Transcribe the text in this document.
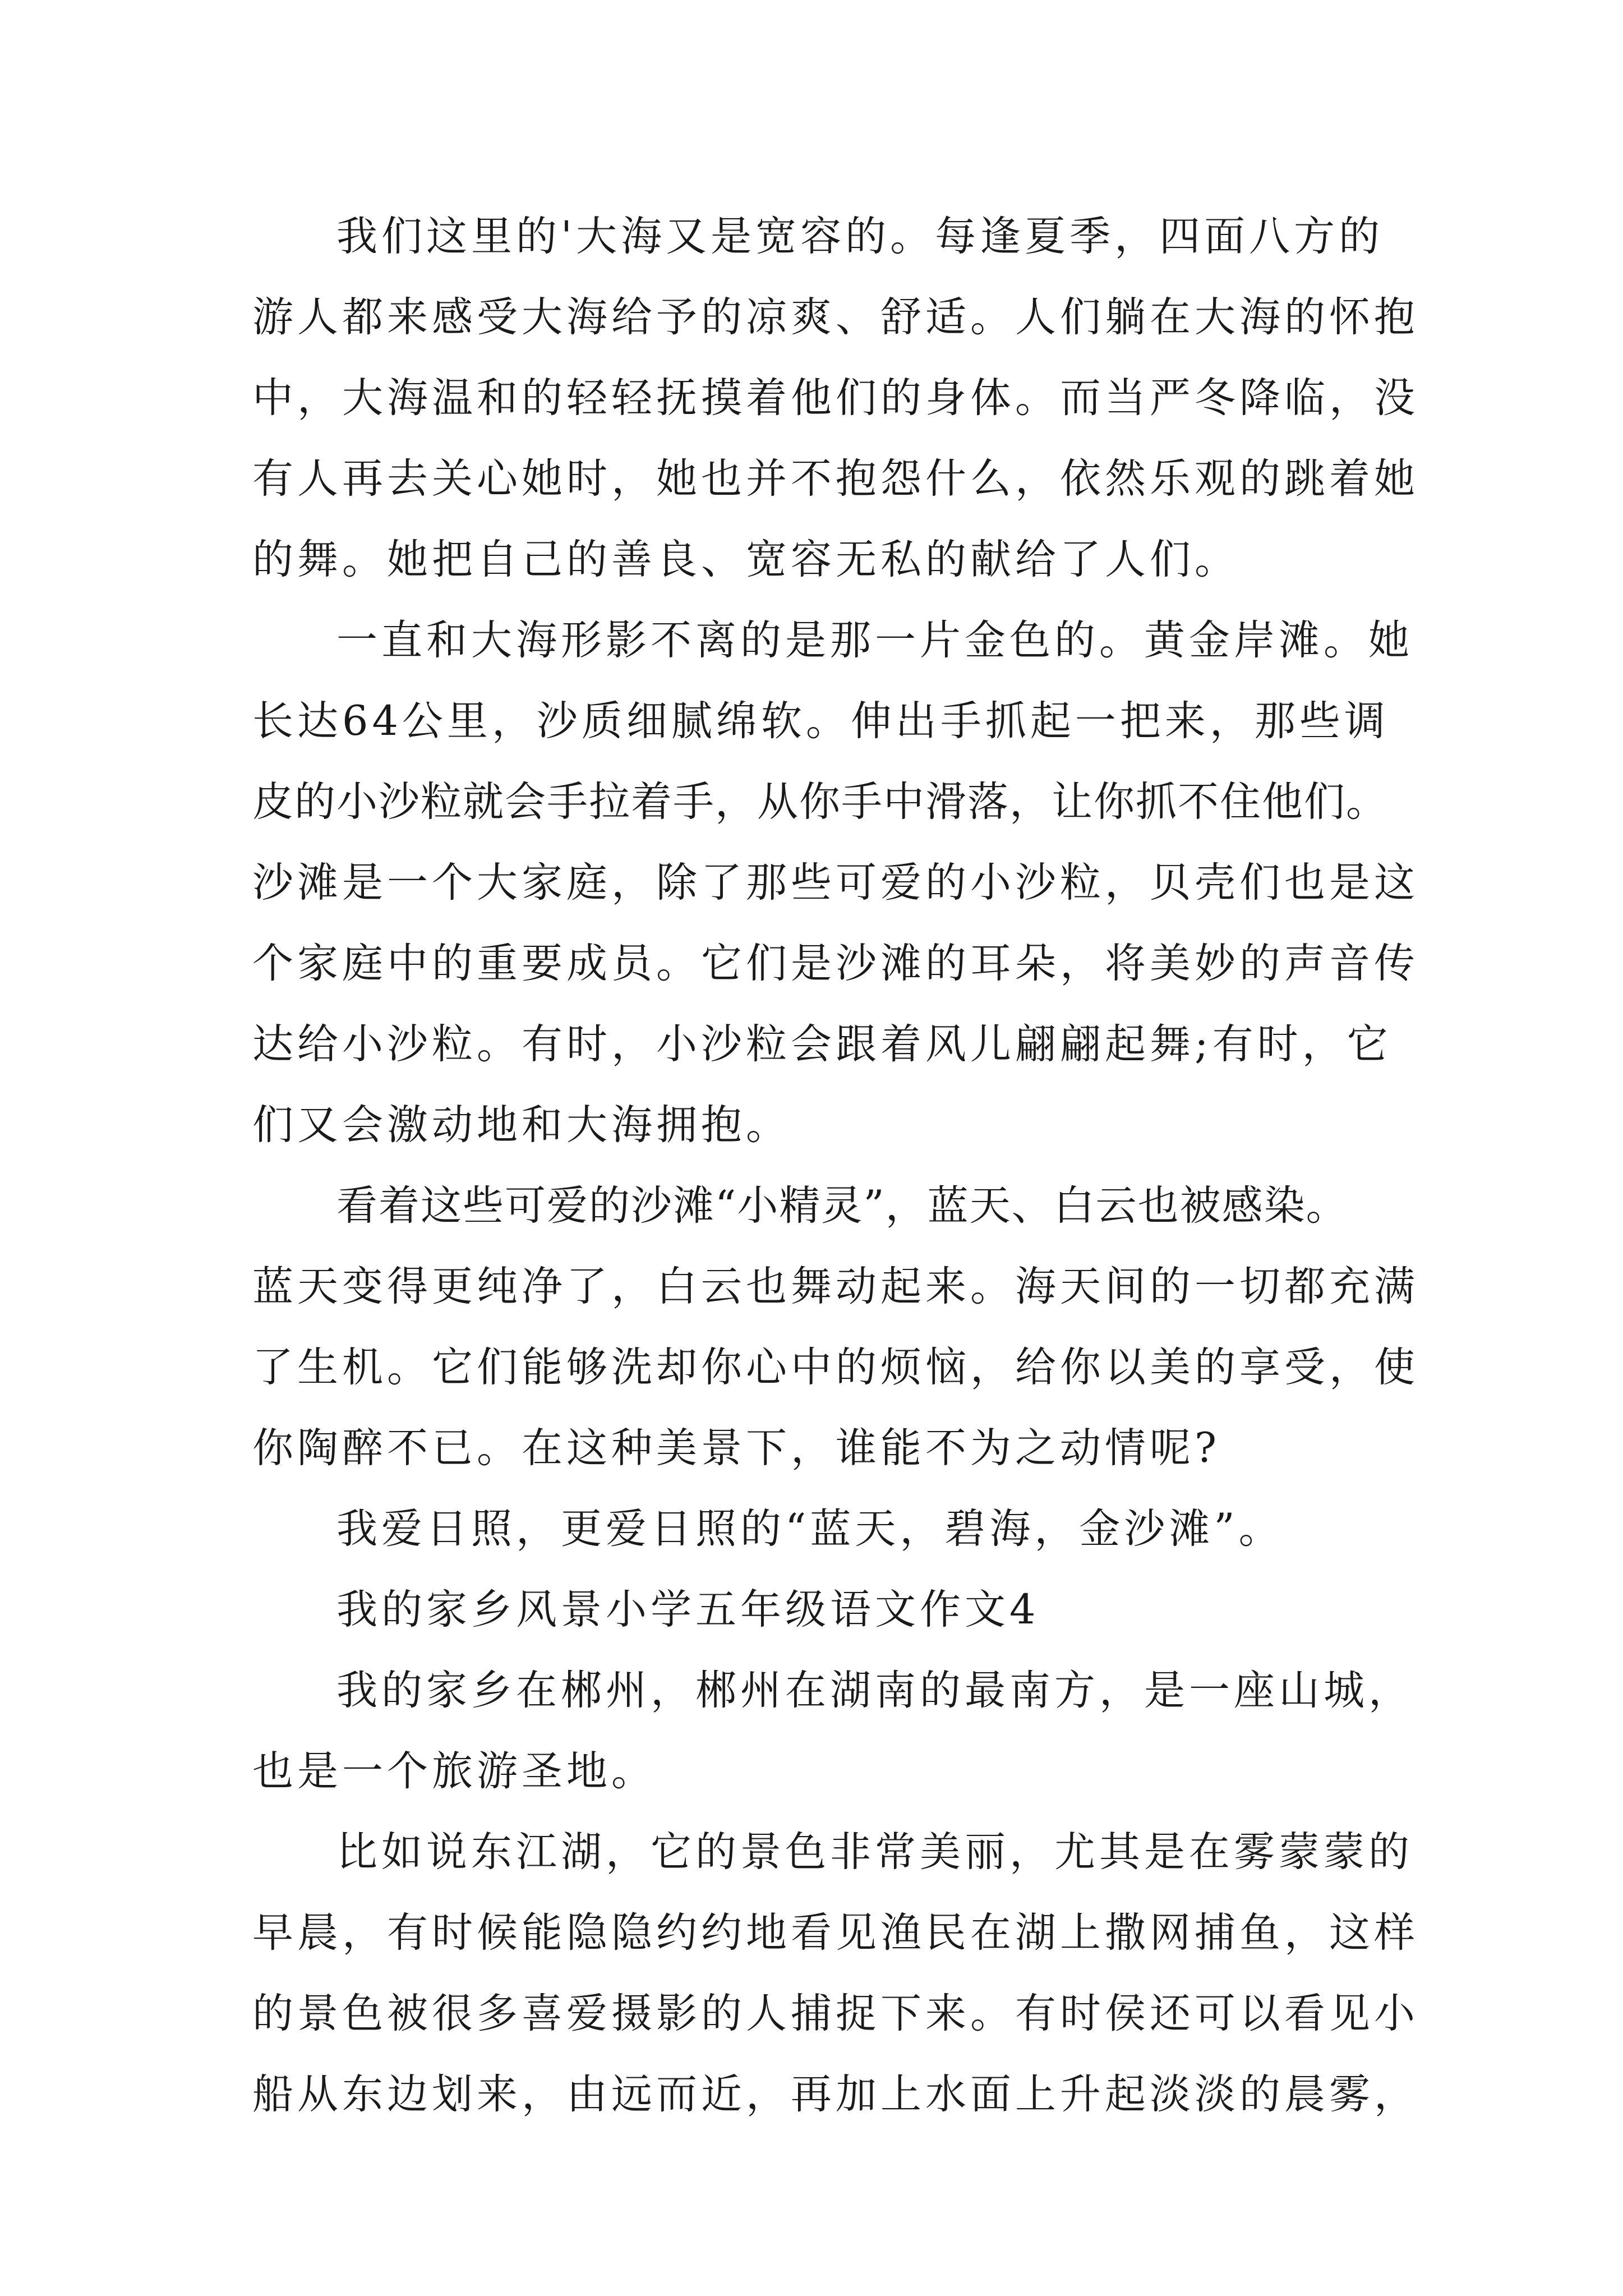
我们这里的'大海又是宽容的。每逢夏季，四面八方的
游人都来感受大海给予的凉爽、舒适。人们躺在大海的怀抱
中，大海温和的轻轻抚摸着他们的身体。而当严冬降临，没
有人再去关心她时，她也并不抱怨什么，依然乐观的跳着她
的舞。她把自己的善良、宽容无私的献给了人们。
一直和大海形影不离的是那一片金色的。黄金岸滩。她
长达64公里，沙质细腻绵软。伸出手抓起一把来，那些调
皮的小沙粒就会手拉着手，从你手中滑落，让你抓不住他们。
沙滩是一个大家庭，除了那些可爱的小沙粒，贝壳们也是这
个家庭中的重要成员。它们是沙滩的耳朵，将美妙的声音传
达给小沙粒。有时，小沙粒会跟着风儿翩翩起舞;有时，它
们又会激动地和大海拥抱。
看着这些可爱的沙滩“小精灵”，蓝天、白云也被感染。
蓝天变得更纯净了，白云也舞动起来。海天间的一切都充满
了生机。它们能够洗却你心中的烦恼，给你以美的享受，使
你陶醉不已。在这种美景下，谁能不为之动情呢?
我爱日照，更爱日照的“蓝天，碧海，金沙滩”。
我的家乡风景小学五年级语文作文4
我的家乡在郴州，郴州在湖南的最南方，是一座山城，
也是一个旅游圣地。
比如说东江湖，它的景色非常美丽，尤其是在雾蒙蒙的
早晨，有时候能隐隐约约地看见渔民在湖上撒网捕鱼，这样
的景色被很多喜爱摄影的人捕捉下来。有时侯还可以看见小
船从东边划来，由远而近，再加上水面上升起淡淡的晨雾，
